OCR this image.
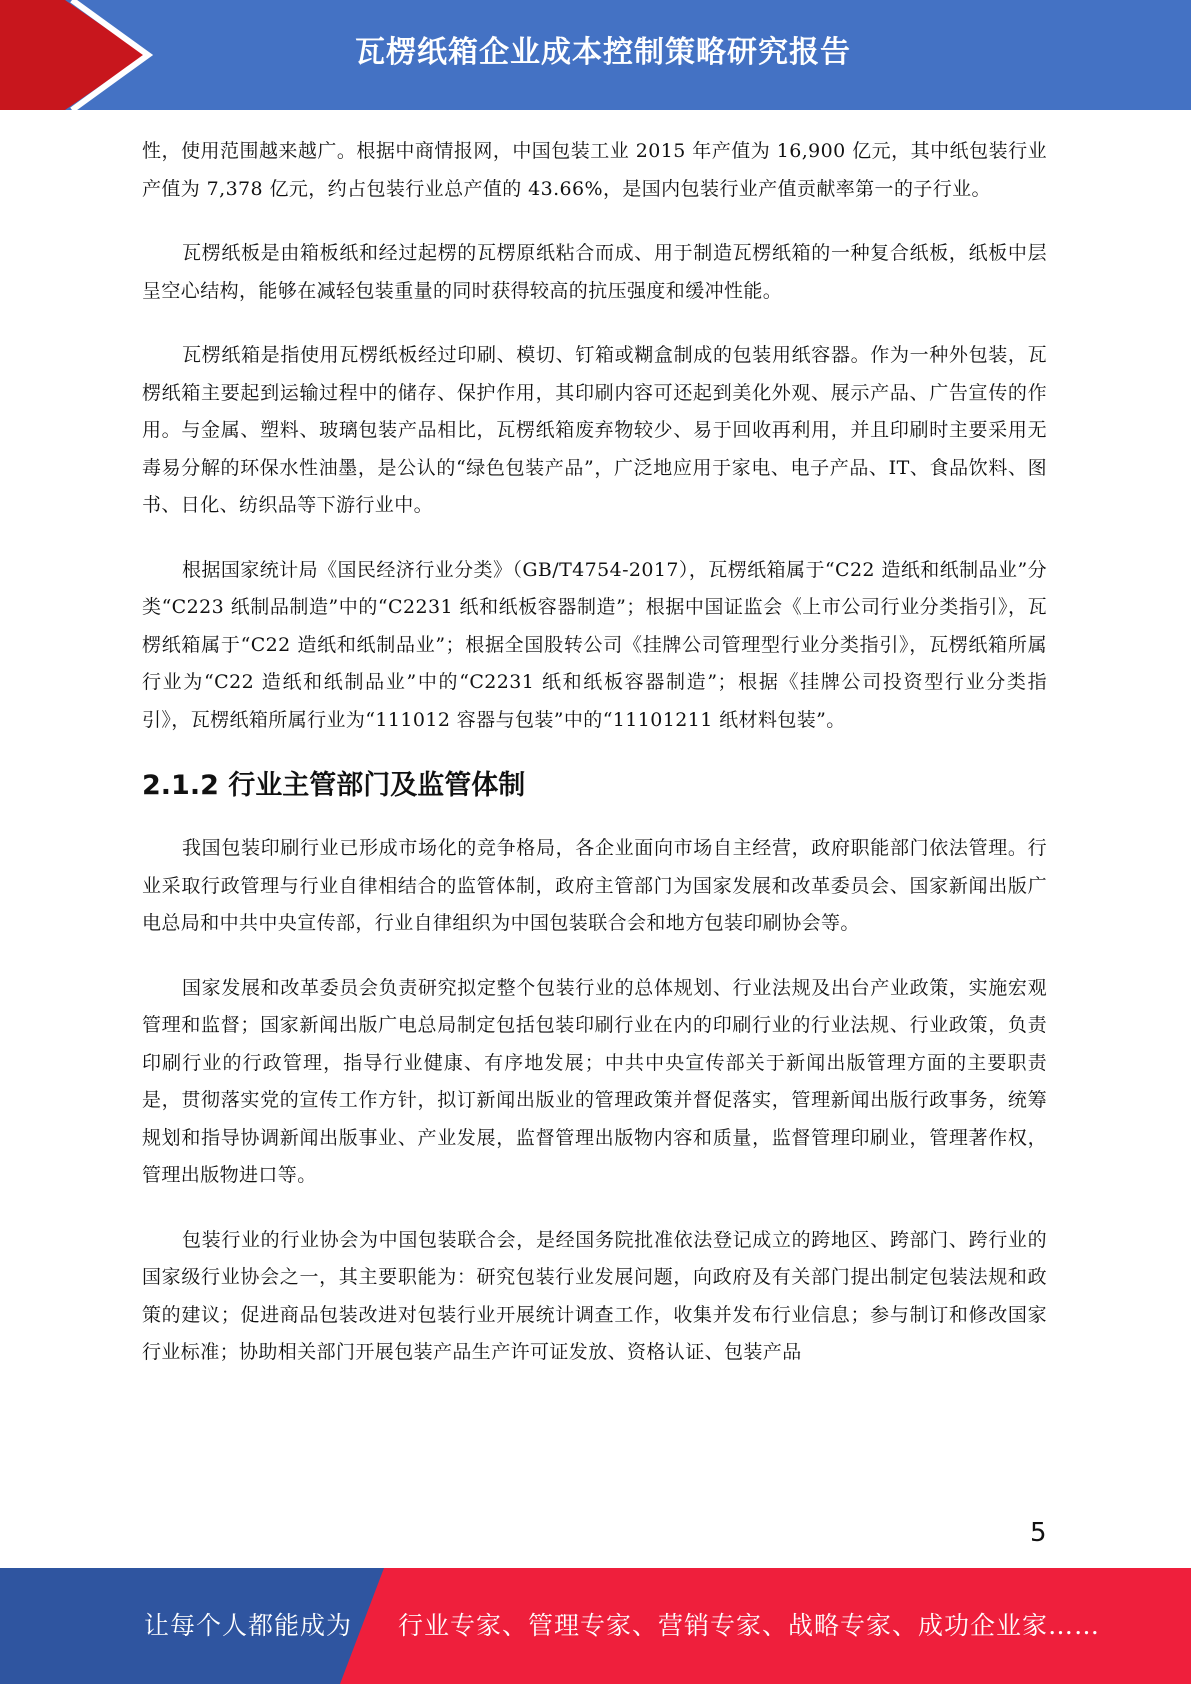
瓦楞纸箱企业成本控制策略研究报告

性，使用范围越来越广。根据中商情报网，中国包装工业 2015 年产值为 16,900 亿元，其中纸包装行业产值为 7,378 亿元，约占包装行业总产值的 43.66%，是国内包装行业产值贡献率第一的子行业。

瓦楞纸板是由箱板纸和经过起楞的瓦楞原纸粘合而成、用于制造瓦楞纸箱的一种复合纸板，纸板中层呈空心结构，能够在减轻包装重量的同时获得较高的抗压强度和缓冲性能。

瓦楞纸箱是指使用瓦楞纸板经过印刷、模切、钉箱或糊盒制成的包装用纸容器。作为一种外包装，瓦楞纸箱主要起到运输过程中的储存、保护作用，其印刷内容可还起到美化外观、展示产品、广告宣传的作用。与金属、塑料、玻璃包装产品相比，瓦楞纸箱废弃物较少、易于回收再利用，并且印刷时主要采用无毒易分解的环保水性油墨，是公认的“绿色包装产品”，广泛地应用于家电、电子产品、IT、食品饮料、图书、日化、纺织品等下游行业中。

根据国家统计局《国民经济行业分类》（GB/T4754-2017），瓦楞纸箱属于“C22 造纸和纸制品业”分类“C223 纸制品制造”中的“C2231 纸和纸板容器制造”；根据中国证监会《上市公司行业分类指引》，瓦楞纸箱属于“C22 造纸和纸制品业”；根据全国股转公司《挂牌公司管理型行业分类指引》，瓦楞纸箱所属行业为“C22 造纸和纸制品业”中的“C2231 纸和纸板容器制造”；根据《挂牌公司投资型行业分类指引》，瓦楞纸箱所属行业为“111012 容器与包装”中的“11101211 纸材料包装”。

2.1.2 行业主管部门及监管体制

我国包装印刷行业已形成市场化的竞争格局，各企业面向市场自主经营，政府职能部门依法管理。行业采取行政管理与行业自律相结合的监管体制，政府主管部门为国家发展和改革委员会、国家新闻出版广电总局和中共中央宣传部，行业自律组织为中国包装联合会和地方包装印刷协会等。

国家发展和改革委员会负责研究拟定整个包装行业的总体规划、行业法规及出台产业政策，实施宏观管理和监督；国家新闻出版广电总局制定包括包装印刷行业在内的印刷行业的行业法规、行业政策，负责印刷行业的行政管理，指导行业健康、有序地发展；中共中央宣传部关于新闻出版管理方面的主要职责是，贯彻落实党的宣传工作方针，拟订新闻出版业的管理政策并督促落实，管理新闻出版行政事务，统筹规划和指导协调新闻出版事业、产业发展，监督管理出版物内容和质量，监督管理印刷业，管理著作权，管理出版物进口等。

包装行业的行业协会为中国包装联合会，是经国务院批准依法登记成立的跨地区、跨部门、跨行业的国家级行业协会之一，其主要职能为：研究包装行业发展问题，向政府及有关部门提出制定包装法规和政策的建议；促进商品包装改进对包装行业开展统计调查工作，收集并发布行业信息；参与制订和修改国家行业标准；协助相关部门开展包装产品生产许可证发放、资格认证、包装产品

5
让每个人都能成为 行业专家、管理专家、营销专家、战略专家、成功企业家……
